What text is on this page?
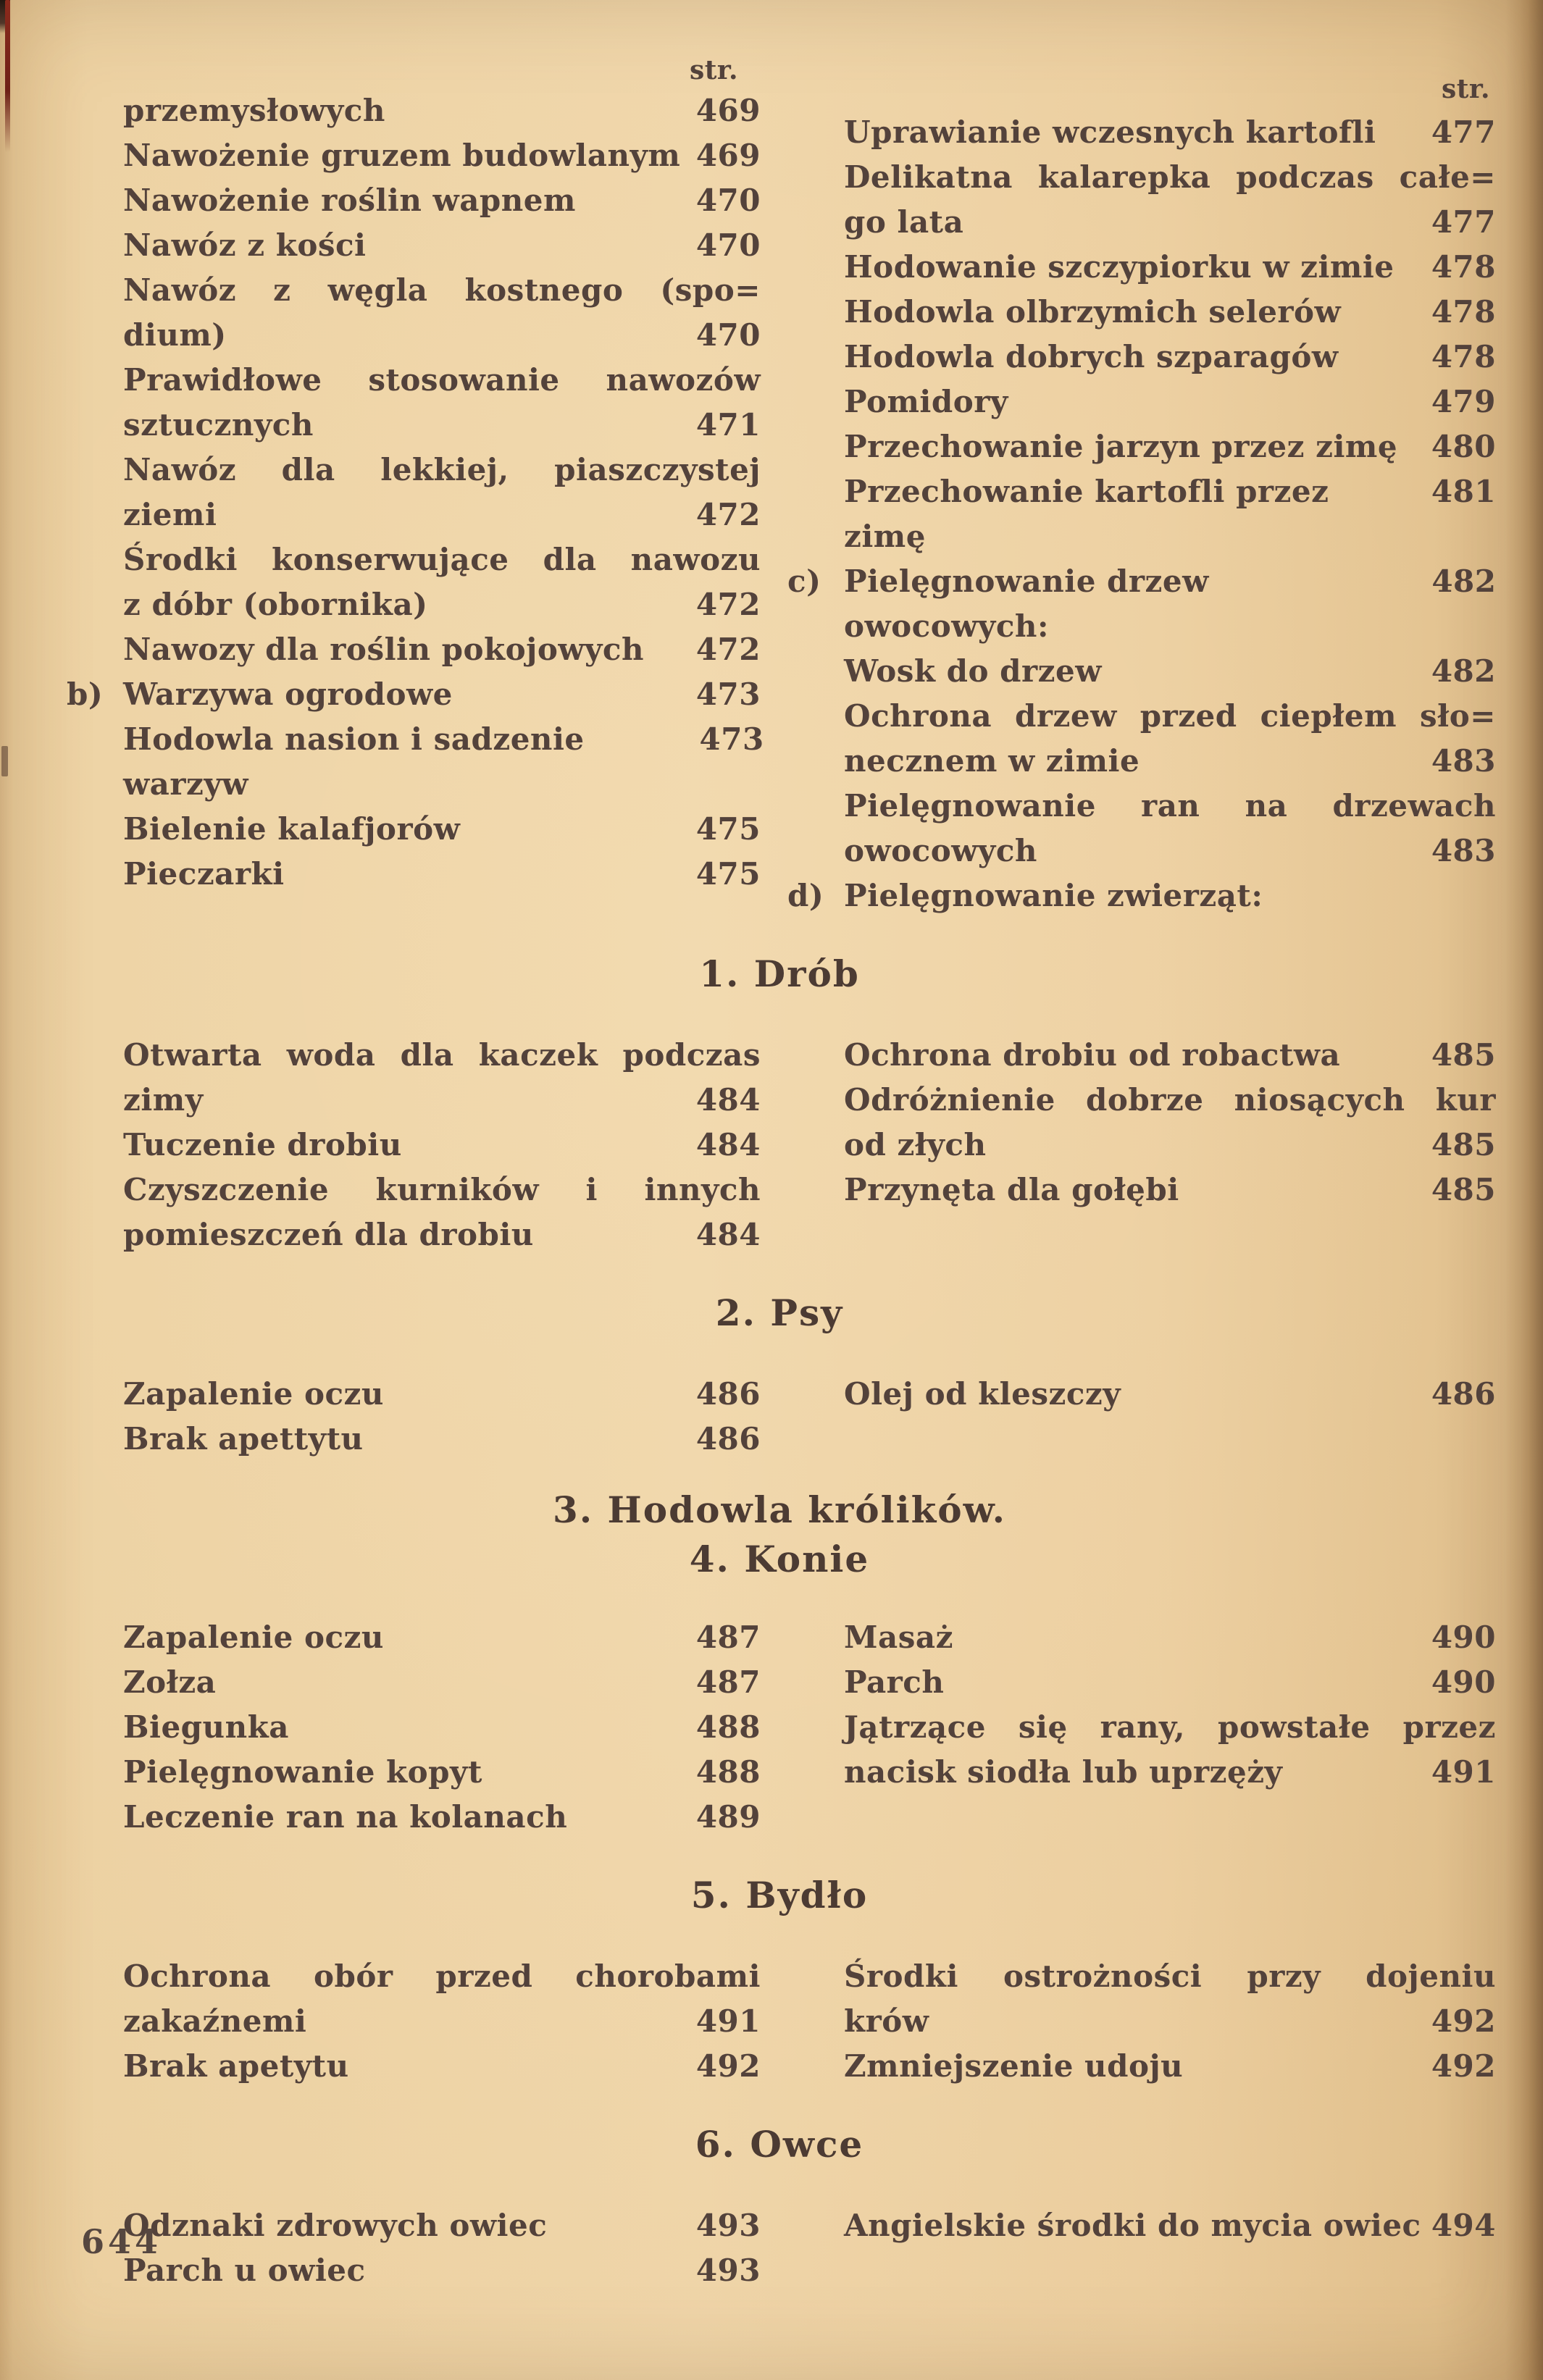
str.
str.
przemysłowych	469
Nawożenie gruzem budowlanym 469
Nawożenie roślin wapnem	470
Nawóz z kości	470
Nawóz z węgla kostnego (spo=
dium)	470
Prawidłowe stosowanie nawozów
sztucznych	471
Nawóz dla lekkiej, piaszczystej
ziemi	472
Środki konserwujące dla nawozu
z dóbr (obornika)	472
Nawozy dla roślin pokojowych	472
b) Warzywa ogrodowe	473
Hodowla nasion i sadzenie warzyw
473
Bielenie kalafjorów	475
Pieczarki	475
Uprawianie wczesnych kartofli	477
Delikatna kalarepka podczas całe=
go lata	477
Hodowanie szczypiorku w zimie	478
Hodowla olbrzymich selerów	478
Hodowla dobrych szparagów	478
Pomidory	479
Przechowanie jarzyn przez zimę	480
Przechowanie kartofli przez zimę
481
c) Pielęgnowanie drzew owocowych:
482
Wosk do drzew	482
Ochrona drzew przed ciepłem sło=
necznem w zimie	483
Pielęgnowanie ran na drzewach
owocowych	483
d) Pielęgnowanie zwierząt:
1. Drób
Otwarta woda dla kaczek podczas
zimy	484
Tuczenie drobiu	484
Czyszczenie kurników i innych
pomieszczeń dla drobiu	484
Ochrona drobiu od robactwa	485
Odróżnienie dobrze niosących kur
od złych	485
Przynęta dla gołębi	485
2. Psy
Zapalenie oczu	486
Brak apettytu	486
Olej od kleszczy	486
3. Hodowla królików.
4. Konie
Zapalenie oczu	487
Zołza	487
Biegunka	488
Pielęgnowanie kopyt	488
Leczenie ran na kolanach	489
Masaż	490
Parch	490
Jątrzące się rany, powstałe przez
nacisk siodła lub uprzęży	491
5. Bydło
Ochrona obór przed chorobami
zakaźnemi	491
Brak apetytu	492
Środki ostrożności przy dojeniu
krów	492
Zmniejszenie udoju	492
6. Owce
Odznaki zdrowych owiec	493
Parch u owiec	493
Angielskie środki do mycia owiec 494
644
